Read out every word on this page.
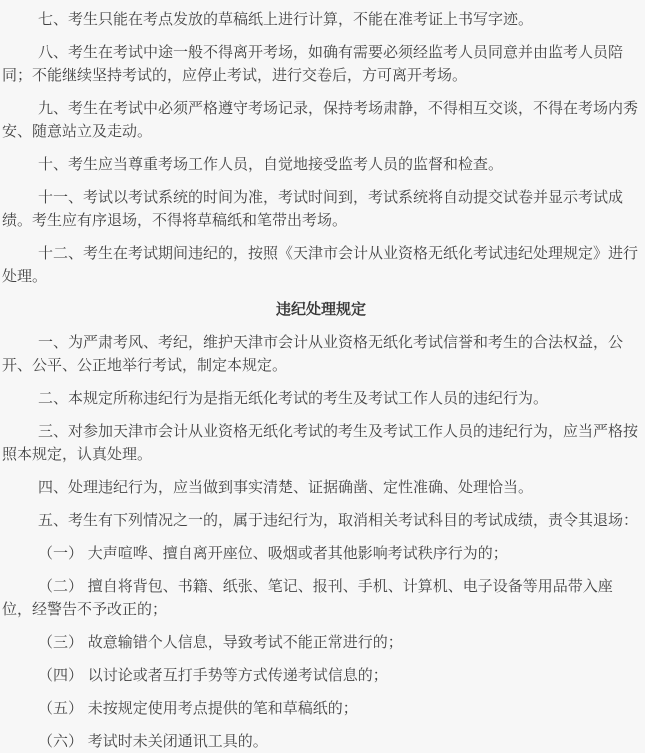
七、考生只能在考点发放的草稿纸上进行计算，不能在准考证上书写字迹。

八、考生在考试中途一般不得离开考场，如确有需要必须经监考人员同意并由监考人员陪同；不能继续坚持考试的，应停止考试，进行交卷后，方可离开考场。

九、考生在考试中必须严格遵守考场记录，保持考场肃静，不得相互交谈，不得在考场内秀安、随意站立及走动。

十、考生应当尊重考场工作人员，自觉地接受监考人员的监督和检查。

十一、考试以考试系统的时间为准，考试时间到，考试系统将自动提交试卷并显示考试成绩。考生应有序退场，不得将草稿纸和笔带出考场。

十二、考生在考试期间违纪的，按照《天津市会计从业资格无纸化考试违纪处理规定》进行处理。

违纪处理规定

一、为严肃考风、考纪，维护天津市会计从业资格无纸化考试信誉和考生的合法权益，公开、公平、公正地举行考试，制定本规定。

二、本规定所称违纪行为是指无纸化考试的考生及考试工作人员的违纪行为。

三、对参加天津市会计从业资格无纸化考试的考生及考试工作人员的违纪行为，应当严格按照本规定，认真处理。

四、处理违纪行为，应当做到事实清楚、证据确凿、定性准确、处理恰当。

五、考生有下列情况之一的，属于违纪行为，取消相关考试科目的考试成绩，责令其退场：

（一） 大声喧哗、擅自离开座位、吸烟或者其他影响考试秩序行为的；

（二） 擅自将背包、书籍、纸张、笔记、报刊、手机、计算机、电子设备等用品带入座位，经警告不予改正的；

（三） 故意输错个人信息，导致考试不能正常进行的；

（四） 以讨论或者互打手势等方式传递考试信息的；

（五） 未按规定使用考点提供的笔和草稿纸的；

（六） 考试时未关闭通讯工具的。
